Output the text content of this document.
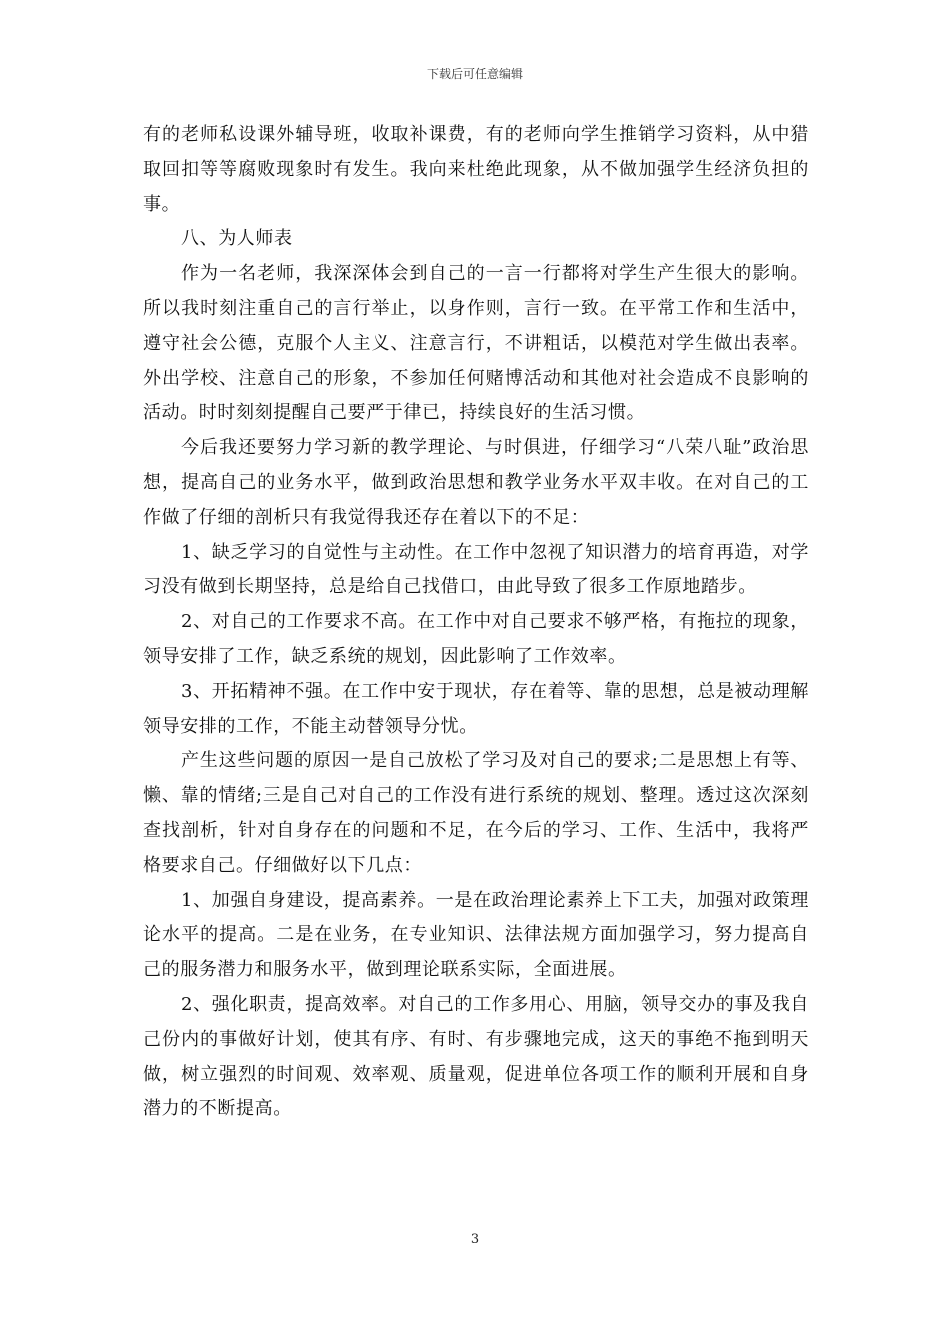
下载后可任意编辑

有的老师私设课外辅导班，收取补课费，有的老师向学生推销学习资料，从中猎取回扣等等腐败现象时有发生。我向来杜绝此现象，从不做加强学生经济负担的事。

八、为人师表

作为一名老师，我深深体会到自己的一言一行都将对学生产生很大的影响。所以我时刻注重自己的言行举止，以身作则，言行一致。在平常工作和生活中，遵守社会公德，克服个人主义、注意言行，不讲粗话，以模范对学生做出表率。外出学校、注意自己的形象，不参加任何赌博活动和其他对社会造成不良影响的活动。时时刻刻提醒自己要严于律已，持续良好的生活习惯。

今后我还要努力学习新的教学理论、与时俱进，仔细学习“八荣八耻”政治思想，提高自己的业务水平，做到政治思想和教学业务水平双丰收。在对自己的工作做了仔细的剖析只有我觉得我还存在着以下的不足：

1、缺乏学习的自觉性与主动性。在工作中忽视了知识潜力的培育再造，对学习没有做到长期坚持，总是给自己找借口，由此导致了很多工作原地踏步。

2、对自己的工作要求不高。在工作中对自己要求不够严格，有拖拉的现象，领导安排了工作，缺乏系统的规划，因此影响了工作效率。

3、开拓精神不强。在工作中安于现状，存在着等、靠的思想，总是被动理解领导安排的工作，不能主动替领导分忧。

产生这些问题的原因一是自己放松了学习及对自己的要求;二是思想上有等、懒、靠的情绪;三是自己对自己的工作没有进行系统的规划、整理。透过这次深刻查找剖析，针对自身存在的问题和不足，在今后的学习、工作、生活中，我将严格要求自己。仔细做好以下几点：

1、加强自身建设，提高素养。一是在政治理论素养上下工夫，加强对政策理论水平的提高。二是在业务，在专业知识、法律法规方面加强学习，努力提高自己的服务潜力和服务水平，做到理论联系实际，全面进展。

2、强化职责，提高效率。对自己的工作多用心、用脑，领导交办的事及我自己份内的事做好计划，使其有序、有时、有步骤地完成，这天的事绝不拖到明天做，树立强烈的时间观、效率观、质量观，促进单位各项工作的顺利开展和自身潜力的不断提高。

3
